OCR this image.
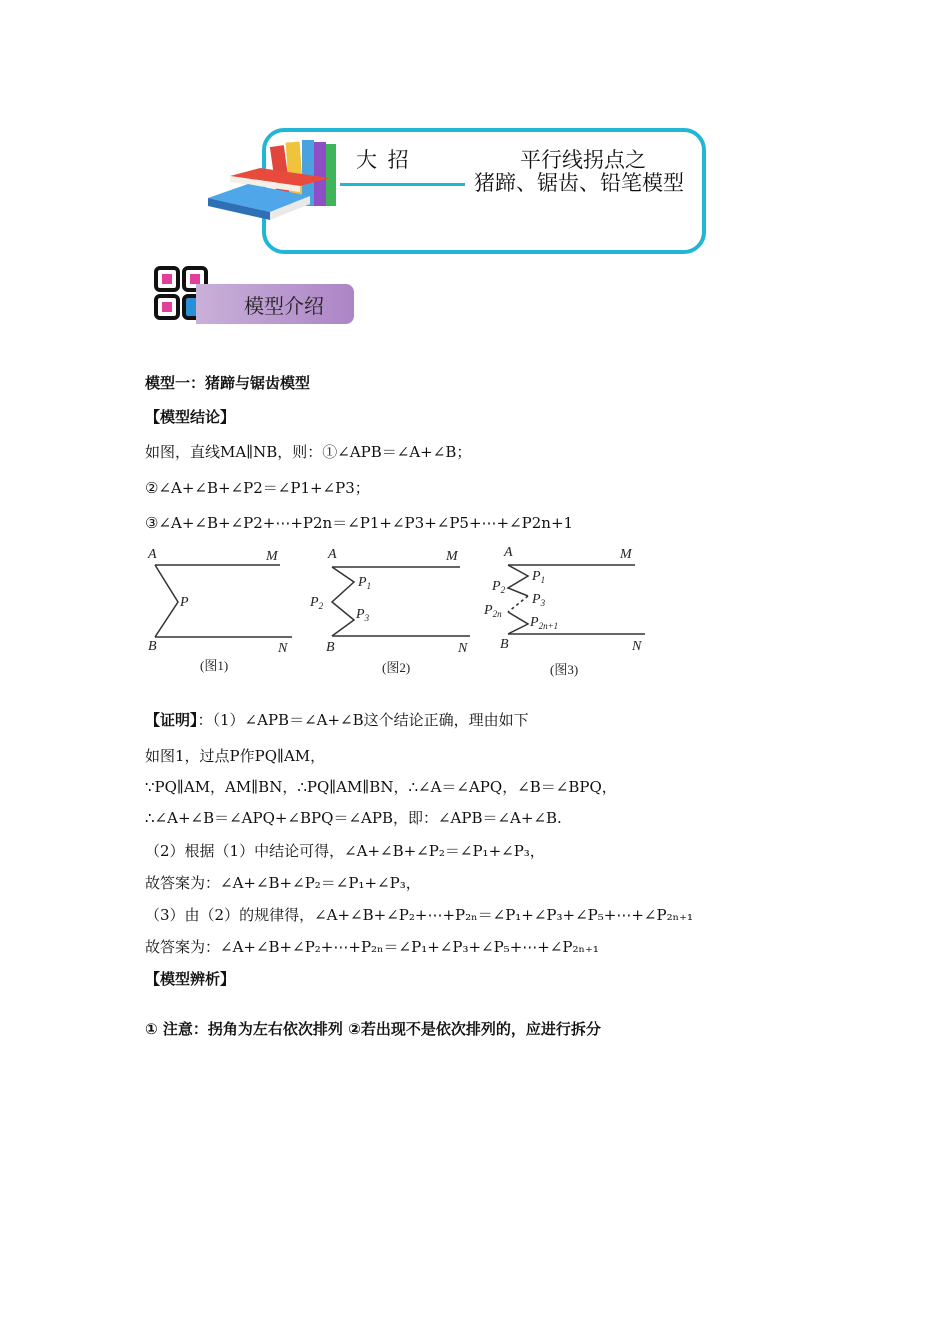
大 招	平行线拐点之
猪蹄、锯齿、铅笔模型
模型介绍
模型一：猪蹄与锯齿模型
【模型结论】
如图，直线MA∥NB，则：①∠APB＝∠A+∠B；
②∠A+∠B+∠P2＝∠P1+∠P3；
③∠A+∠B+∠P2+⋯+P2n＝∠P1+∠P3+∠P5+⋯+∠P2n+1
A	M
P
B	N
(图1)
A	M
$P_1$
$P_2$
$P_3$
B	N
(图2)
A	M
$P_1$
$P_2$
$P_3$
$P_{2n}$
$P_{2n+1}$
B	N
(图3)
【证明】：（1）∠APB＝∠A+∠B这个结论正确，理由如下
如图1，过点P作PQ∥AM，
∵PQ∥AM，AM∥BN，∴PQ∥AM∥BN，∴∠A＝∠APQ，∠B＝∠BPQ，
∴∠A+∠B＝∠APQ+∠BPQ＝∠APB，即：∠APB＝∠A+∠B.
（2）根据（1）中结论可得，∠A+∠B+∠P₂＝∠P₁+∠P₃，
故答案为：∠A+∠B+∠P₂＝∠P₁+∠P₃，
（3）由（2）的规律得，∠A+∠B+∠P₂+⋯+P₂ₙ＝∠P₁+∠P₃+∠P₅+⋯+∠P₂ₙ₊₁
故答案为：∠A+∠B+∠P₂+⋯+P₂ₙ＝∠P₁+∠P₃+∠P₅+⋯+∠P₂ₙ₊₁
【模型辨析】
① 注意：拐角为左右依次排列 ②若出现不是依次排列的，应进行拆分
